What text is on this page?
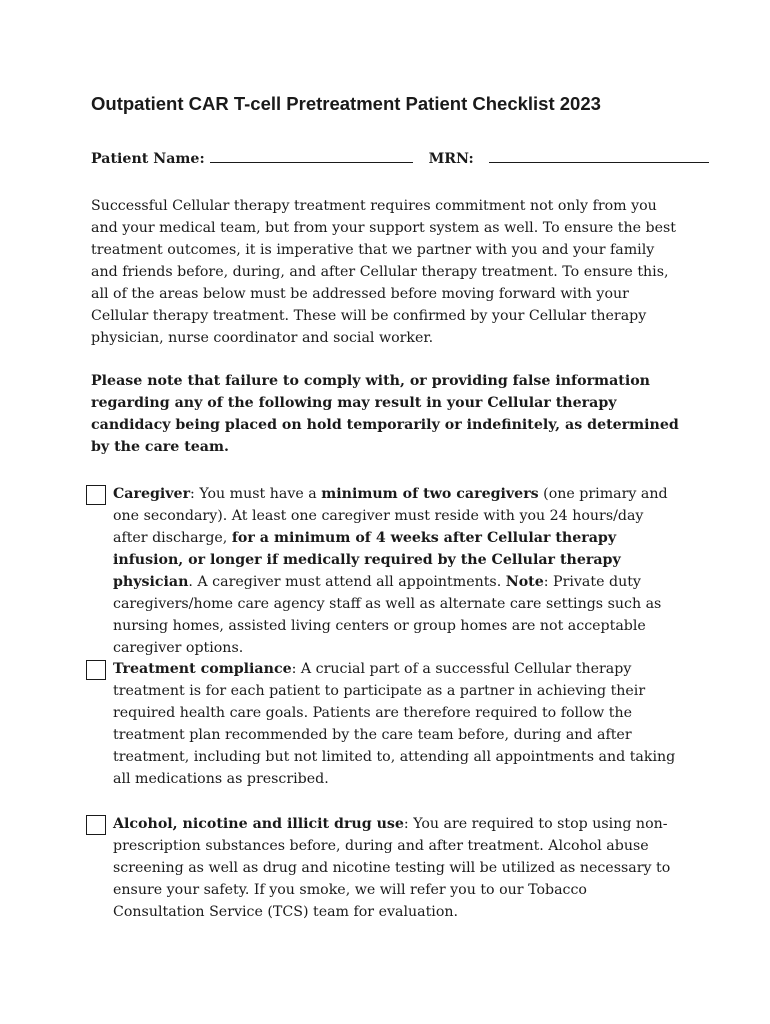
Outpatient CAR T-cell Pretreatment Patient Checklist 2023
Patient Name:	MRN:

Successful Cellular therapy treatment requires commitment not only from you and your medical team, but from your support system as well. To ensure the best treatment outcomes, it is imperative that we partner with you and your family and friends before, during, and after Cellular therapy treatment. To ensure this, all of the areas below must be addressed before moving forward with your Cellular therapy treatment. These will be confirmed by your Cellular therapy physician, nurse coordinator and social worker.

Please note that failure to comply with, or providing false information regarding any of the following may result in your Cellular therapy candidacy being placed on hold temporarily or indefinitely, as determined by the care team.

Caregiver: You must have a minimum of two caregivers (one primary and one secondary). At least one caregiver must reside with you 24 hours/day after discharge, for a minimum of 4 weeks after Cellular therapy infusion, or longer if medically required by the Cellular therapy physician. A caregiver must attend all appointments. Note: Private duty caregivers/home care agency staff as well as alternate care settings such as nursing homes, assisted living centers or group homes are not acceptable caregiver options.

Treatment compliance: A crucial part of a successful Cellular therapy treatment is for each patient to participate as a partner in achieving their required health care goals. Patients are therefore required to follow the treatment plan recommended by the care team before, during and after treatment, including but not limited to, attending all appointments and taking all medications as prescribed.

Alcohol, nicotine and illicit drug use: You are required to stop using non-prescription substances before, during and after treatment. Alcohol abuse screening as well as drug and nicotine testing will be utilized as necessary to ensure your safety. If you smoke, we will refer you to our Tobacco Consultation Service (TCS) team for evaluation.
